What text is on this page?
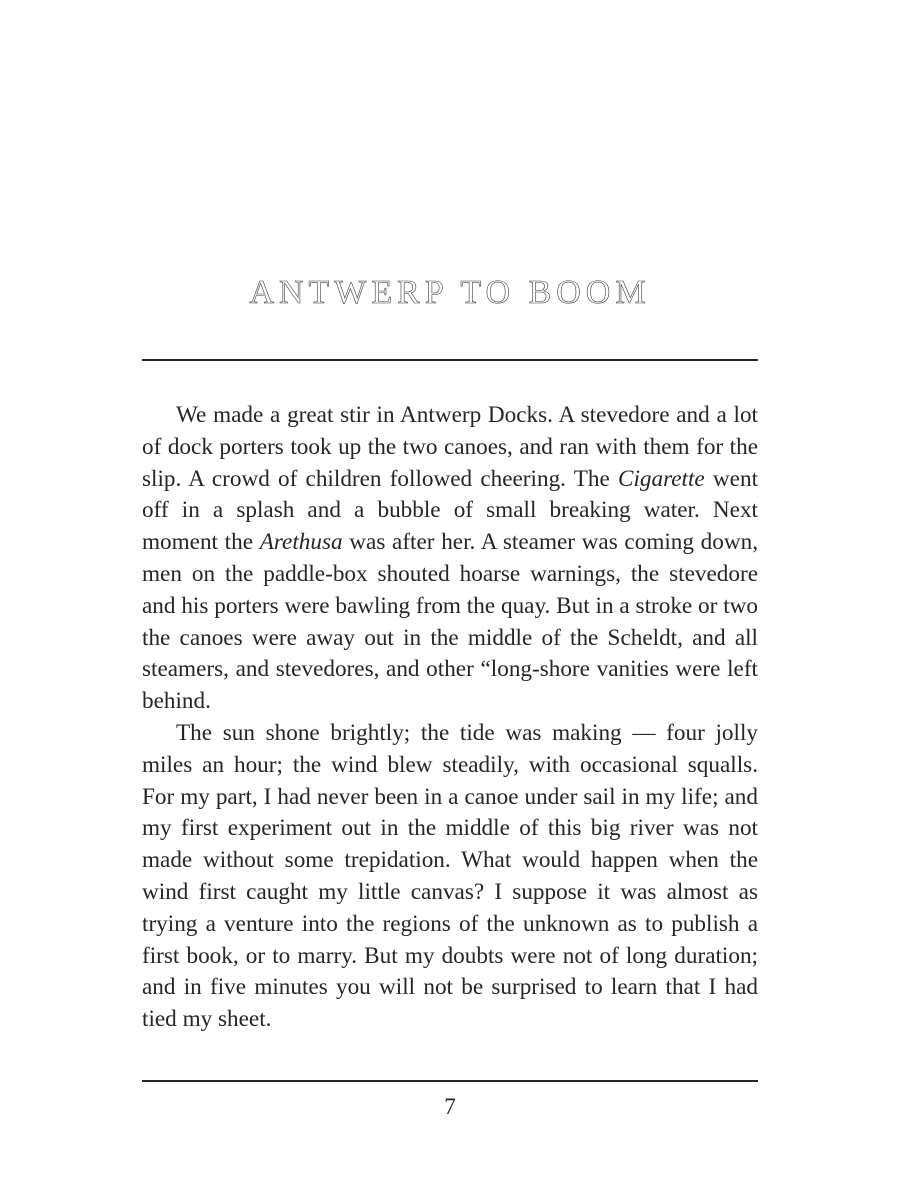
ANTWERP TO BOOM

We made a great stir in Antwerp Docks. A stevedore and a lot of dock porters took up the two canoes, and ran with them for the slip. A crowd of children followed cheering. The Cigarette went off in a splash and a bubble of small breaking water. Next moment the Arethusa was after her. A steamer was coming down, men on the paddle-box shouted hoarse warnings, the stevedore and his porters were bawling from the quay. But in a stroke or two the canoes were away out in the middle of the Scheldt, and all steamers, and stevedores, and other “long-shore vanities were left behind.

The sun shone brightly; the tide was making — four jolly miles an hour; the wind blew steadily, with occasional squalls. For my part, I had never been in a canoe under sail in my life; and my first experiment out in the middle of this big river was not made without some trepidation. What would happen when the wind first caught my little canvas? I suppose it was almost as trying a venture into the regions of the unknown as to publish a first book, or to marry. But my doubts were not of long duration; and in five minutes you will not be surprised to learn that I had tied my sheet.

7
